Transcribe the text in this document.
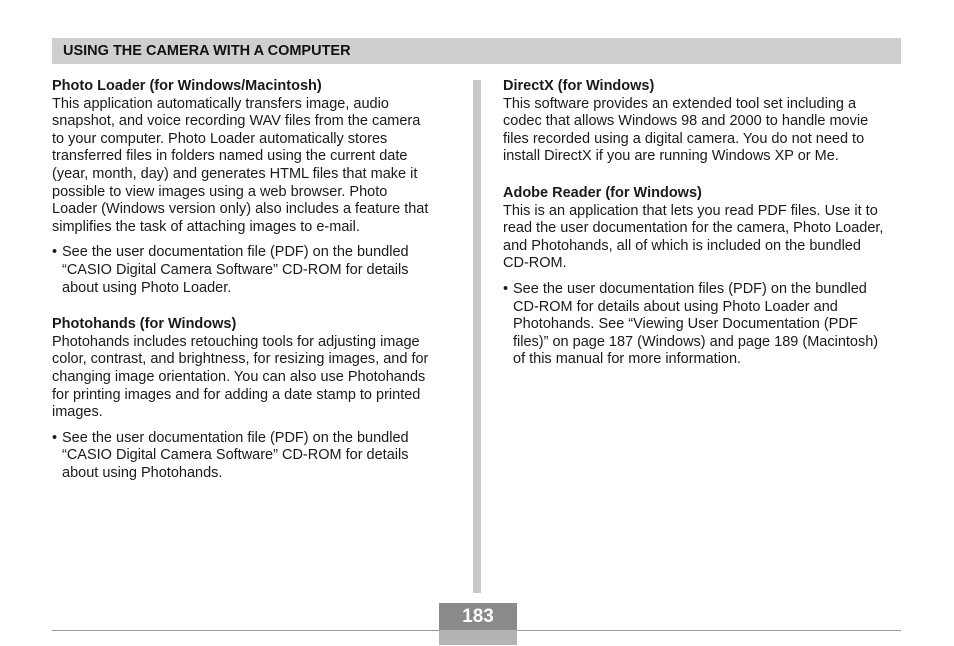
USING THE CAMERA WITH A COMPUTER
Photo Loader (for Windows/Macintosh)
This application automatically transfers image, audio
snapshot, and voice recording WAV files from the camera
to your computer. Photo Loader automatically stores
transferred files in folders named using the current date
(year, month, day) and generates HTML files that make it
possible to view images using a web browser. Photo
Loader (Windows version only) also includes a feature that
simplifies the task of attaching images to e-mail.
• See the user documentation file (PDF) on the bundled
“CASIO Digital Camera Software” CD-ROM for details
about using Photo Loader.
Photohands (for Windows)
Photohands includes retouching tools for adjusting image
color, contrast, and brightness, for resizing images, and for
changing image orientation. You can also use Photohands
for printing images and for adding a date stamp to printed
images.
• See the user documentation file (PDF) on the bundled
“CASIO Digital Camera Software” CD-ROM for details
about using Photohands.
DirectX (for Windows)
This software provides an extended tool set including a
codec that allows Windows 98 and 2000 to handle movie
files recorded using a digital camera. You do not need to
install DirectX if you are running Windows XP or Me.
Adobe Reader (for Windows)
This is an application that lets you read PDF files. Use it to
read the user documentation for the camera, Photo Loader,
and Photohands, all of which is included on the bundled
CD-ROM.
• See the user documentation files (PDF) on the bundled
CD-ROM for details about using Photo Loader and
Photohands. See “Viewing User Documentation (PDF
files)” on page 187 (Windows) and page 189 (Macintosh)
of this manual for more information.
183
